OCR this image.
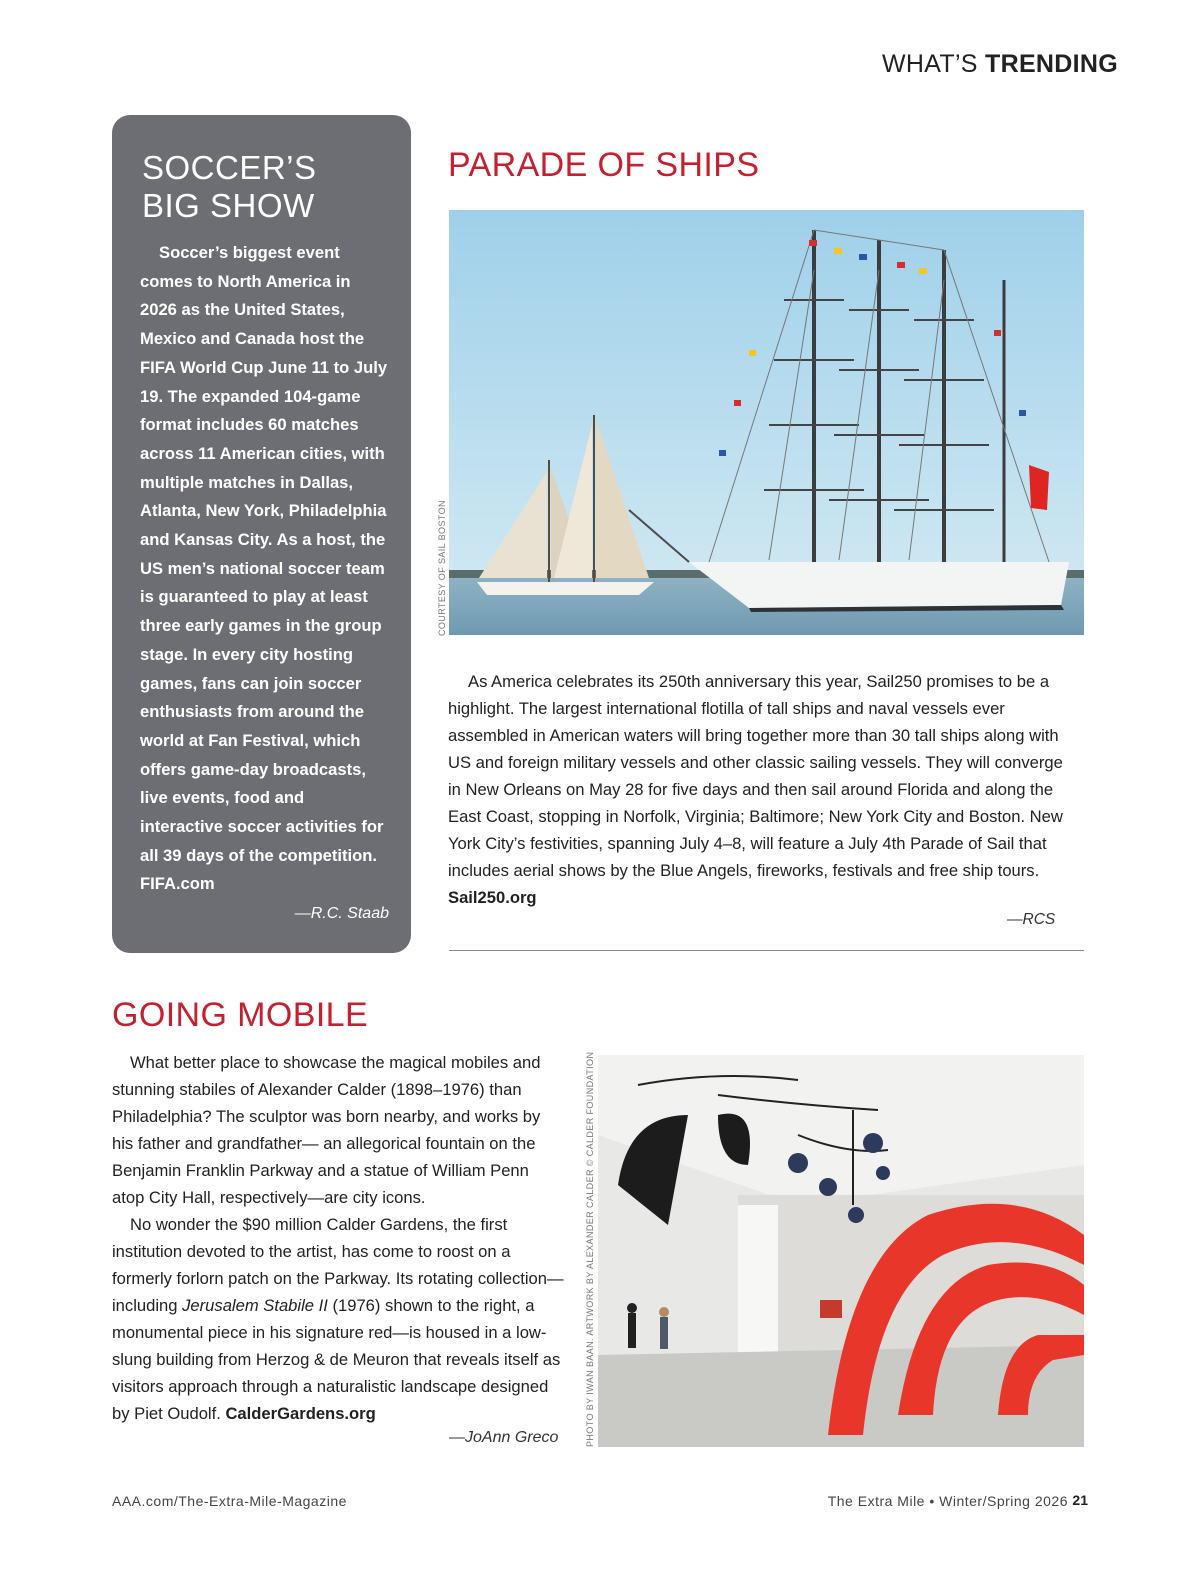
WHAT’S TRENDING
SOCCER’S
BIG SHOW

Soccer’s biggest event comes to North America in 2026 as the United States, Mexico and Canada host the FIFA World Cup June 11 to July 19. The expanded 104-game format includes 60 matches across 11 American cities, with multiple matches in Dallas, Atlanta, New York, Philadelphia and Kansas City. As a host, the US men’s national soccer team is guaranteed to play at least three early games in the group stage. In every city hosting games, fans can join soccer enthusiasts from around the world at Fan Festival, which offers game-day broadcasts, live events, food and interactive soccer activities for all 39 days of the competition. FIFA.com

—R.C. Staab
PARADE OF SHIPS
COURTESY OF SAIL BOSTON

As America celebrates its 250th anniversary this year, Sail250 promises to be a highlight. The largest international flotilla of tall ships and naval vessels ever assembled in American waters will bring together more than 30 tall ships along with US and foreign military vessels and other classic sailing vessels. They will converge in New Orleans on May 28 for five days and then sail around Florida and along the East Coast, stopping in Norfolk, Virginia; Baltimore; New York City and Boston. New York City’s festivities, spanning July 4–8, will feature a July 4th Parade of Sail that includes aerial shows by the Blue Angels, fireworks, festivals and free ship tours. Sail250.org

—RCS
GOING MOBILE

What better place to showcase the magical mobiles and stunning stabiles of Alexander Calder (1898–1976) than Philadelphia? The sculptor was born nearby, and works by his father and grandfather— an allegorical fountain on the Benjamin Franklin Parkway and a statue of William Penn atop City Hall, respectively—are city icons.

No wonder the $90 million Calder Gardens, the first institution devoted to the artist, has come to roost on a formerly forlorn patch on the Parkway. Its rotating collection—including Jerusalem Stabile II (1976) shown to the right, a monumental piece in his signature red—is housed in a low-slung building from Herzog & de Meuron that reveals itself as visitors approach through a naturalistic landscape designed by Piet Oudolf. CalderGardens.org

—JoAnn Greco	PHOTO BY IWAN BAAN. ARTWORK BY ALEXANDER CALDER © CALDER FOUNDATION
AAA.com/The-Extra-Mile-Magazine	The Extra Mile • Winter/Spring 2026 21
